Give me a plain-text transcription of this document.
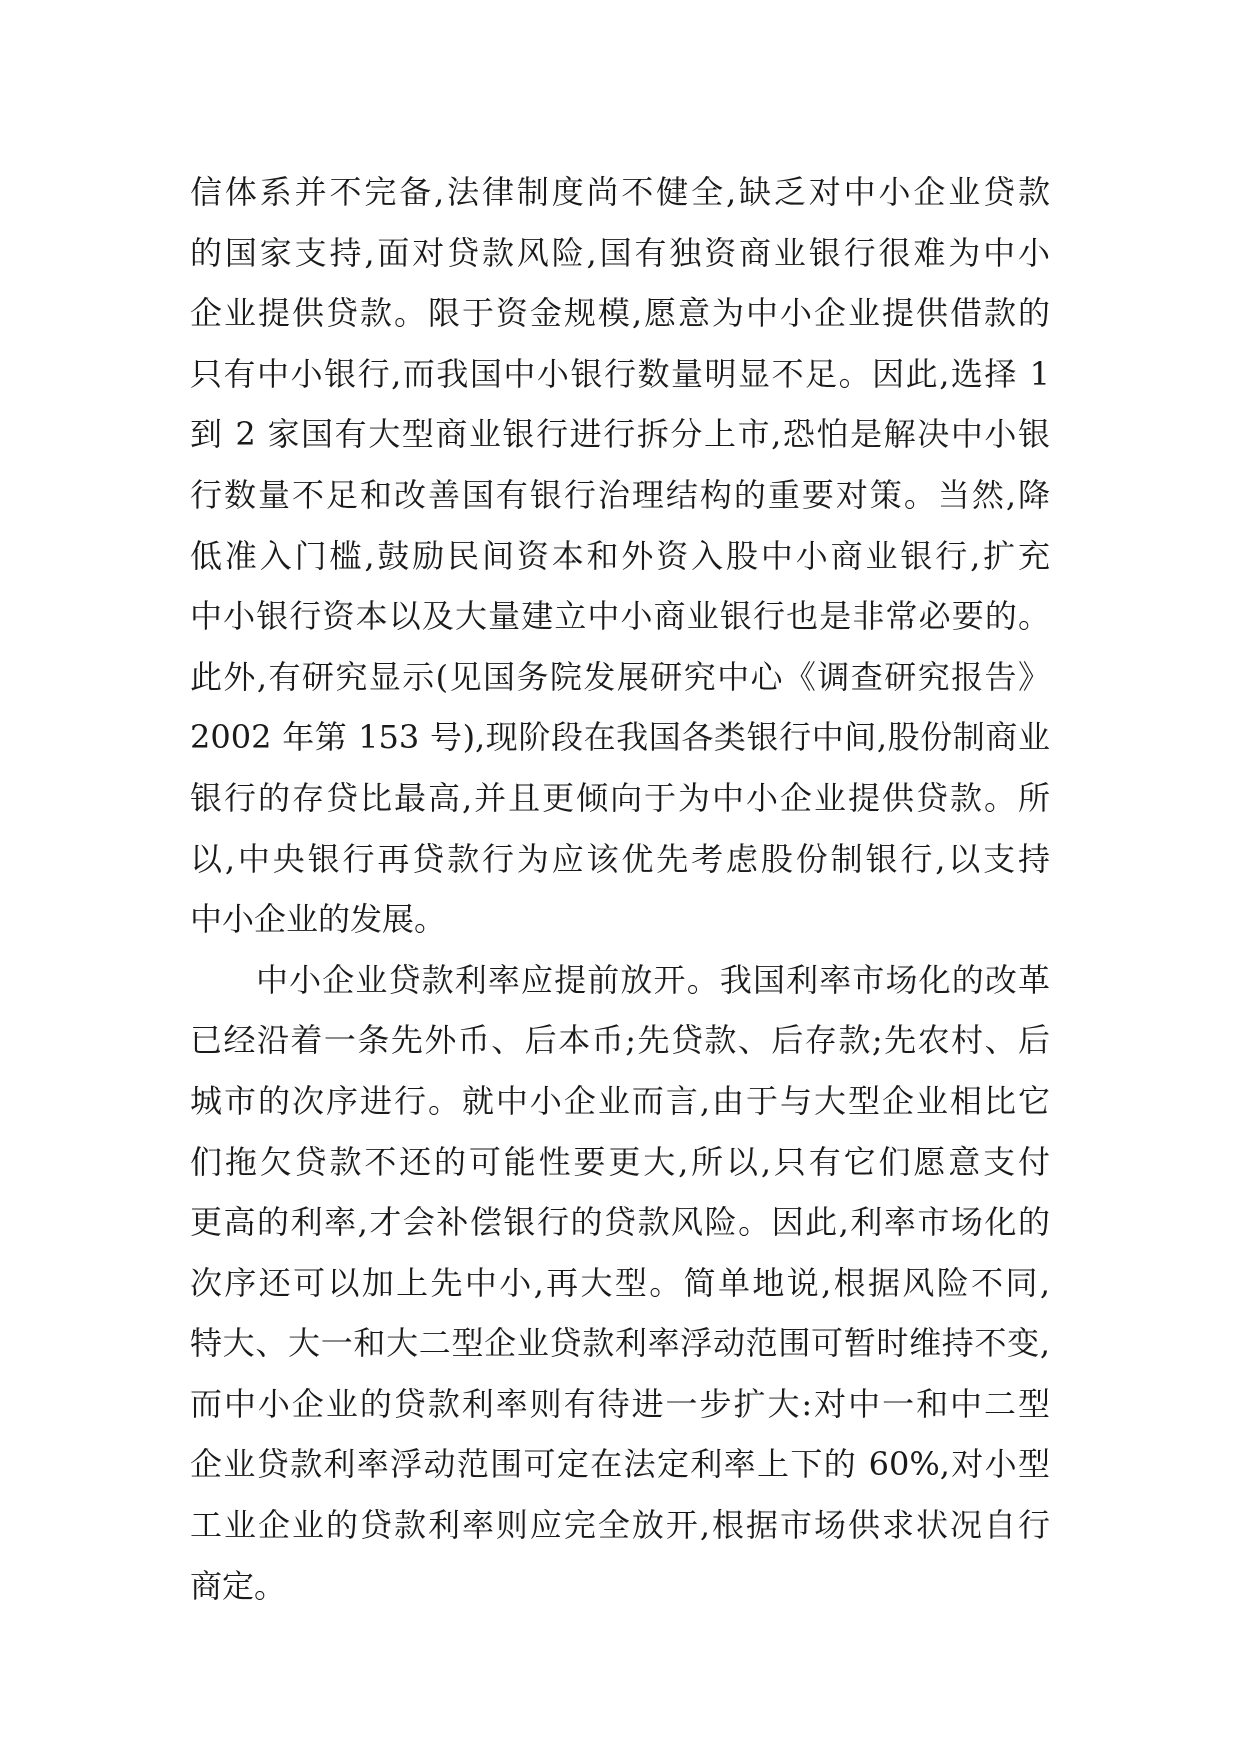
信体系并不完备,法律制度尚不健全,缺乏对中小企业贷款
的国家支持,面对贷款风险,国有独资商业银行很难为中小
企业提供贷款。限于资金规模,愿意为中小企业提供借款的
只有中小银行,而我国中小银行数量明显不足。因此,选择 1
到 2 家国有大型商业银行进行拆分上市,恐怕是解决中小银
行数量不足和改善国有银行治理结构的重要对策。当然,降
低准入门槛,鼓励民间资本和外资入股中小商业银行,扩充
中小银行资本以及大量建立中小商业银行也是非常必要的。
此外,有研究显示(见国务院发展研究中心《调查研究报告》
2002 年第 153 号),现阶段在我国各类银行中间,股份制商业
银行的存贷比最高,并且更倾向于为中小企业提供贷款。所
以,中央银行再贷款行为应该优先考虑股份制银行,以支持
中小企业的发展。
中小企业贷款利率应提前放开。我国利率市场化的改革
已经沿着一条先外币、后本币;先贷款、后存款;先农村、后
城市的次序进行。就中小企业而言,由于与大型企业相比它
们拖欠贷款不还的可能性要更大,所以,只有它们愿意支付
更高的利率,才会补偿银行的贷款风险。因此,利率市场化的
次序还可以加上先中小,再大型。简单地说,根据风险不同,
特大、大一和大二型企业贷款利率浮动范围可暂时维持不变,
而中小企业的贷款利率则有待进一步扩大:对中一和中二型
企业贷款利率浮动范围可定在法定利率上下的 60%,对小型
工业企业的贷款利率则应完全放开,根据市场供求状况自行
商定。
